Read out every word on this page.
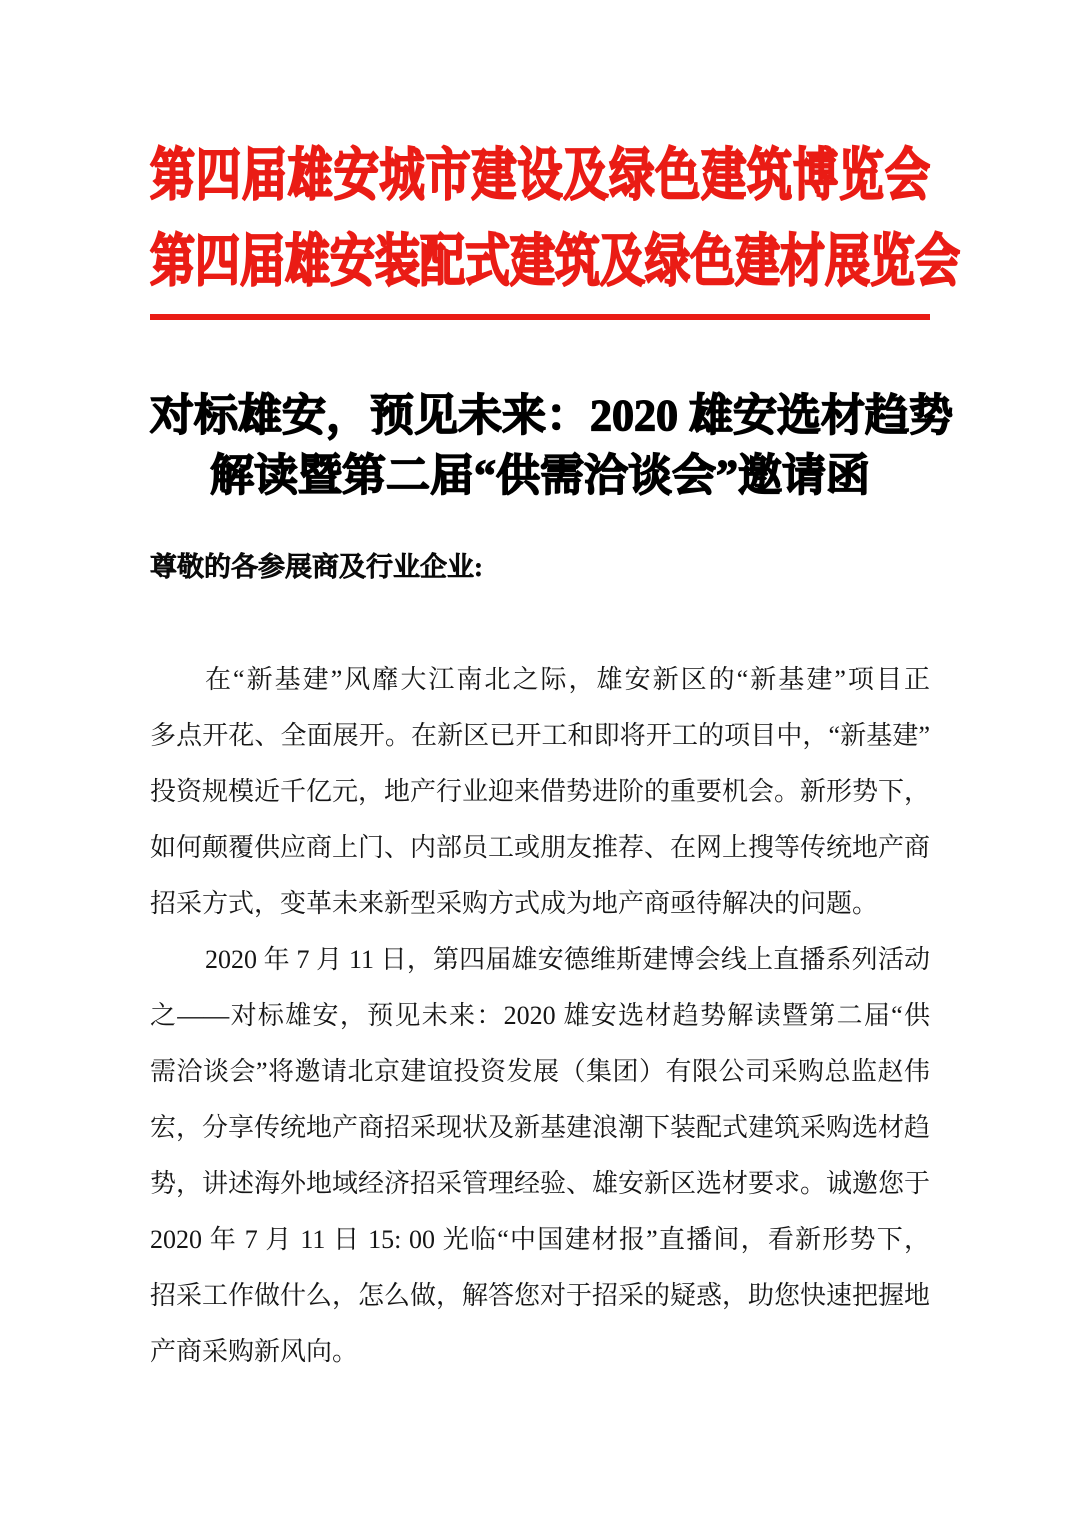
第四届雄安城市建设及绿色建筑博览会
第四届雄安装配式建筑及绿色建材展览会
对标雄安，预见未来：2020 雄安选材趋势
解读暨第二届“供需洽谈会”邀请函
尊敬的各参展商及行业企业:
在“新基建”风靡大江南北之际，雄安新区的“新基建”项目正
多点开花、全面展开。在新区已开工和即将开工的项目中，“新基建”
投资规模近千亿元，地产行业迎来借势进阶的重要机会。新形势下，
如何颠覆供应商上门、内部员工或朋友推荐、在网上搜等传统地产商
招采方式，变革未来新型采购方式成为地产商亟待解决的问题。
2020 年 7 月 11 日，第四届雄安德维斯建博会线上直播系列活动
之——对标雄安，预见未来：2020 雄安选材趋势解读暨第二届“供
需洽谈会”将邀请北京建谊投资发展（集团）有限公司采购总监赵伟
宏，分享传统地产商招采现状及新基建浪潮下装配式建筑采购选材趋
势，讲述海外地域经济招采管理经验、雄安新区选材要求。诚邀您于
2020 年 7 月 11 日 15: 00 光临“中国建材报”直播间，看新形势下，
招采工作做什么，怎么做，解答您对于招采的疑惑，助您快速把握地
产商采购新风向。
